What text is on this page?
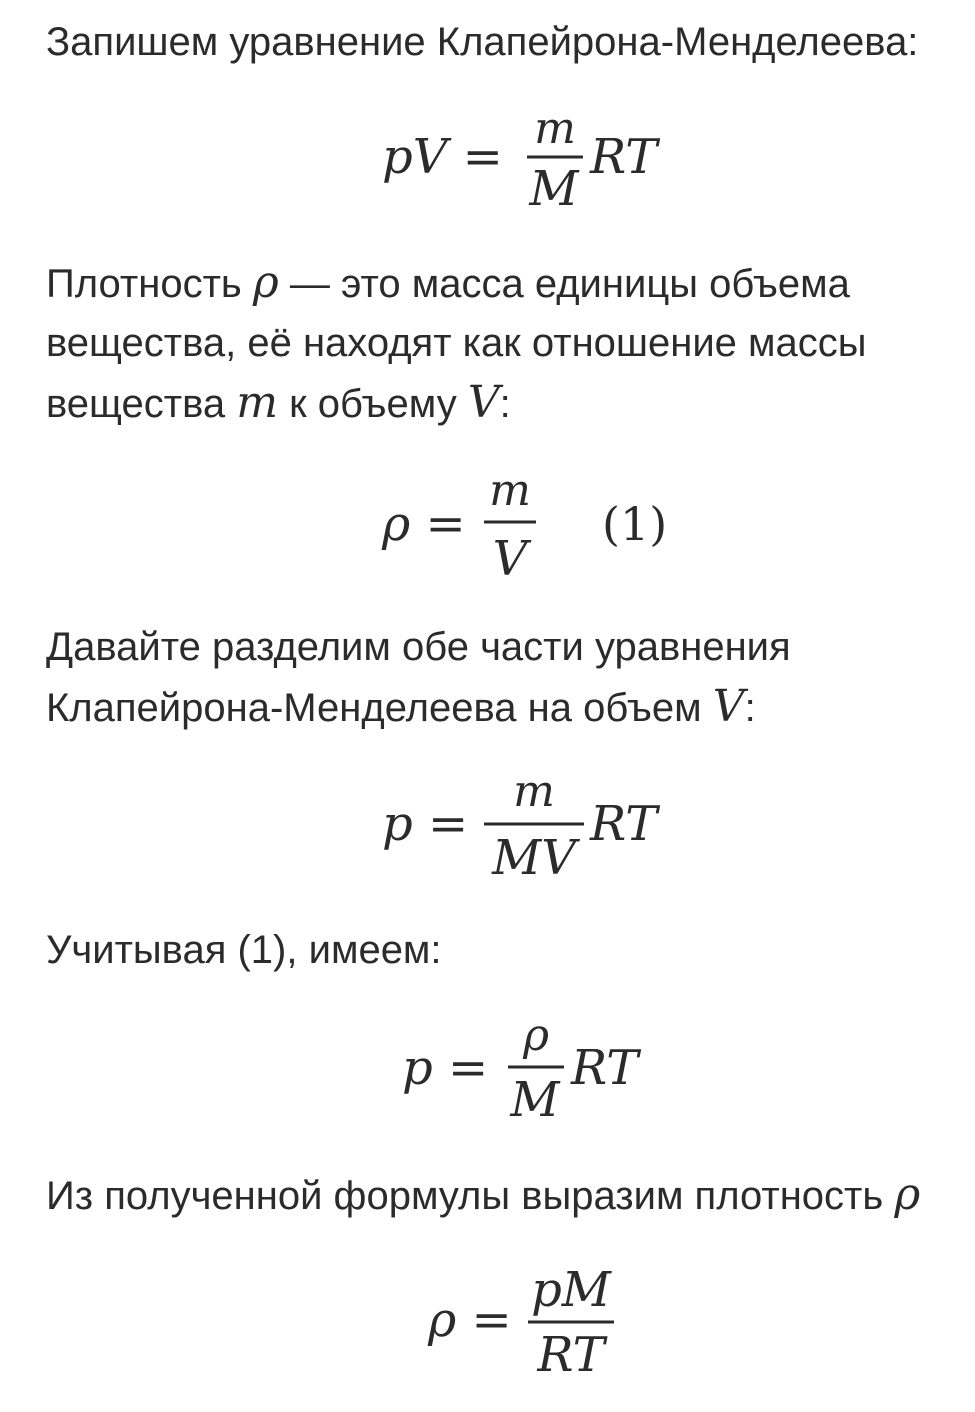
Запишем уравнение Клапейрона-Менделеева:
pV =
m
M
RT
Плотность ρ — это масса единицы объема
вещества, её находят как отношение массы
вещества m к объему V:
ρ =
m
V
(1)
Давайте разделим обе части уравнения
Клапейрона-Менделеева на объем V:
p =
m
MV
RT
Учитывая (1), имеем:
p =
ρ
M
RT
Из полученной формулы выразим плотность ρ
ρ =
pM
RT
